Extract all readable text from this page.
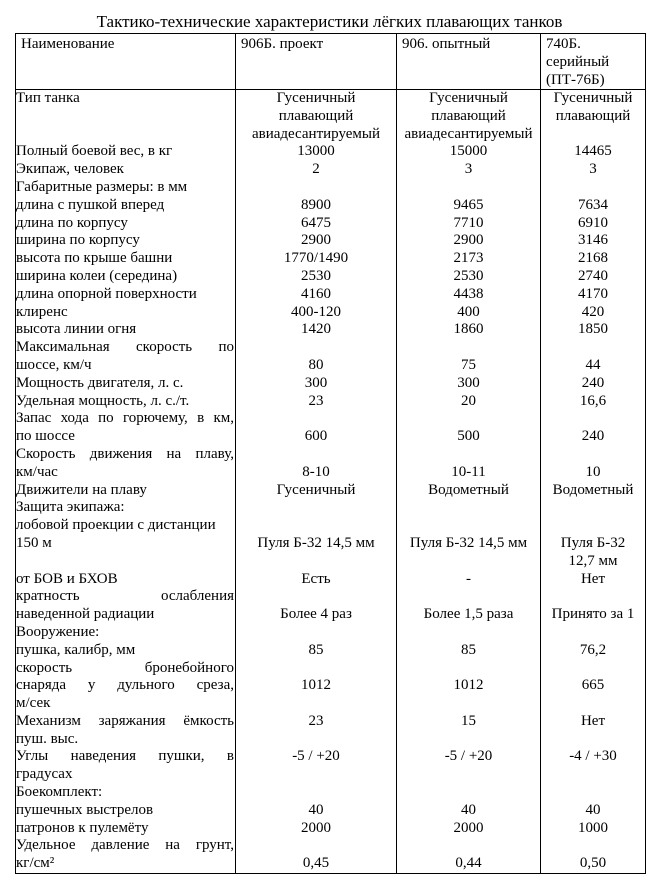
Тактико-технические характеристики лёгких плавающих танков
Наименование	906Б. проект	906. опытный	740Б. серийный (ПТ-76Б)
Тип танка	Гусеничный	Гусеничный	Гусеничный
	плавающий	плавающий	плавающий
	авиадесантируемый	авиадесантируемый	
Полный боевой вес, в кг	13000	15000	14465
Экипаж, человек	2	3	3
Габаритные размеры: в мм			
длина с пушкой вперед	8900	9465	7634
длина по корпусу	6475	7710	6910
ширина по корпусу	2900	2900	3146
высота по крыше башни	1770/1490	2173	2168
ширина колеи (середина)	2530	2530	2740
длина опорной поверхности	4160	4438	4170
клиренс	400-120	400	420
высота линии огня	1420	1860	1850

Максимальная скорость по			

шоссе, км/ч	80	75	44
Мощность двигателя, л. с.	300	300	240
Удельная мощность, л. с./т.	23	20	16,6

Запас хода по горючему, в км,

по шоссе	600	500	240

Скорость движения на плаву,			

км/час	8-10	10-11	10
Движители на плаву	Гусеничный	Водометный	Водометный
Защита экипажа:			
лобовой проекции с дистанции			
150 м	Пуля Б-32 14,5 мм	Пуля Б-32 14,5 мм	Пуля Б-32
			12,7 мм
от БОВ и БХОВ	Есть	-	Нет

кратность ослабления			

наведенной радиации	Более 4 раз	Более 1,5 раза	Принято за 1
Вооружение:			
пушка, калибр, мм	85	85	76,2

скорость бронебойного			

снаряда у дульного среза,	1012	1012	665
м/сек			

Механизм заряжания ёмкость	23	15	Нет
пуш. выс.			

Углы наведения пушки, в	-5 / +20	-5 / +20	-4 / +30
градусах			
Боекомплект:			
пушечных выстрелов	40	40	40
патронов к пулемёту	2000	2000	1000

Удельное давление на грунт,			

кг/см²	0,45	0,44	0,50
